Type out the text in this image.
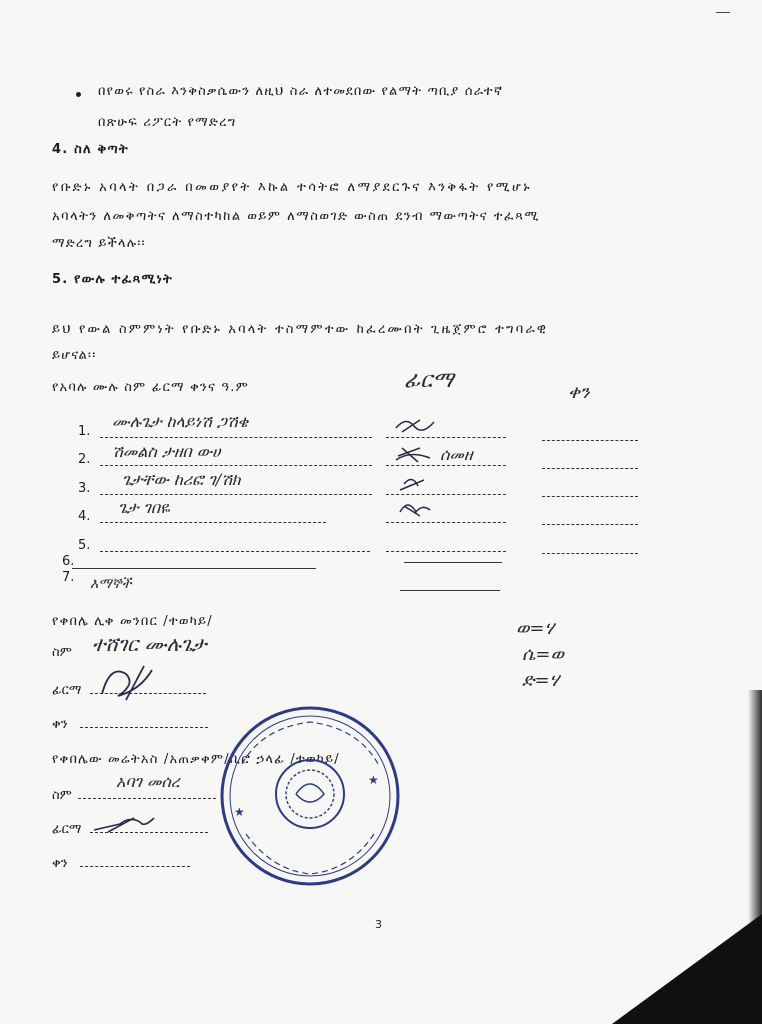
በየወሩ የስራ እንቅስቃሴውን ለዚህ ስራ ለተመደበው የልማት ጣቢያ ሰራተኛ
በጽሁፍ ሪፖርት የማድረግ
4. ስለ ቅጣት
የቡድኑ አባላት በጋራ በመወያየት እኩል ተሳትፎ ለማያደርጉና እንቅፋት የሚሆኑ
አባላትን ለመቅጣትና ለማስተካከል ወይም ለማስወገድ ውስጠ ደንብ ማውጣትና ተፈጻሚ
ማድረግ ይችላሉ፡፡
5. የውሉ ተፈጻሚነት
ይህ የውል ስምምነት የቡድኑ አባላት ተስማምተው ከፈረሙበት ጊዜጀምሮ ተግባራዊ
ይሆናል፡፡
የአባሉ ሙሉ ስም ፊርማ ቀንና ዓ.ም	ፊርማ	ቀን
1.
2.
3.
4.
5.
6.
7. እማኞች
ሙሉጌታ ከላይነሽ ጋሽቄ
ሽመልስ ታዘበ ውሀ
ጌታቸው ከሪፎ ገ/ሽክ
ጌታ ገበዬ
ሰመዘ
የቀበሌ ሊቀ መንበር /ተወካይ/
ስም ተሸገር ሙሉጌታ
ፊርማ
ቀን
የቀበሌው መሬትአስ /አጠቃቀም/ቢሮ ኃላፊ /ተወካይ/
ስም
አባገ መሰረ
ፊርማ
ቀን
★
★
ወ=ሃ
ሴ=ወ
ድ=ሃ
3
